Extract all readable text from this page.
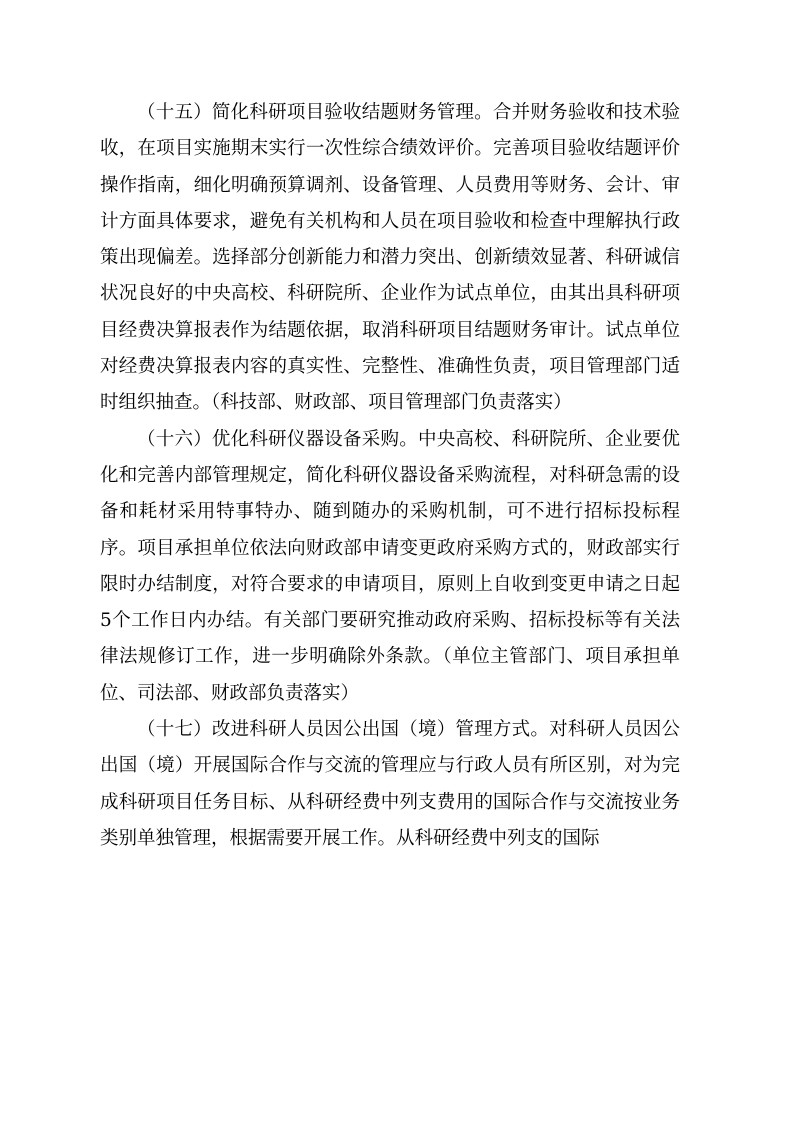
（十五）简化科研项目验收结题财务管理。合并财务验收和技术验收，在项目实施期末实行一次性综合绩效评价。完善项目验收结题评价操作指南，细化明确预算调剂、设备管理、人员费用等财务、会计、审计方面具体要求，避免有关机构和人员在项目验收和检查中理解执行政策出现偏差。选择部分创新能力和潜力突出、创新绩效显著、科研诚信状况良好的中央高校、科研院所、企业作为试点单位，由其出具科研项目经费决算报表作为结题依据，取消科研项目结题财务审计。试点单位对经费决算报表内容的真实性、完整性、准确性负责，项目管理部门适时组织抽查。（科技部、财政部、项目管理部门负责落实）

（十六）优化科研仪器设备采购。中央高校、科研院所、企业要优化和完善内部管理规定，简化科研仪器设备采购流程，对科研急需的设备和耗材采用特事特办、随到随办的采购机制，可不进行招标投标程序。项目承担单位依法向财政部申请变更政府采购方式的，财政部实行限时办结制度，对符合要求的申请项目，原则上自收到变更申请之日起5个工作日内办结。有关部门要研究推动政府采购、招标投标等有关法律法规修订工作，进一步明确除外条款。（单位主管部门、项目承担单位、司法部、财政部负责落实）

（十七）改进科研人员因公出国（境）管理方式。对科研人员因公出国（境）开展国际合作与交流的管理应与行政人员有所区别，对为完成科研项目任务目标、从科研经费中列支费用的国际合作与交流按业务类别单独管理，根据需要开展工作。从科研经费中列支的国际
